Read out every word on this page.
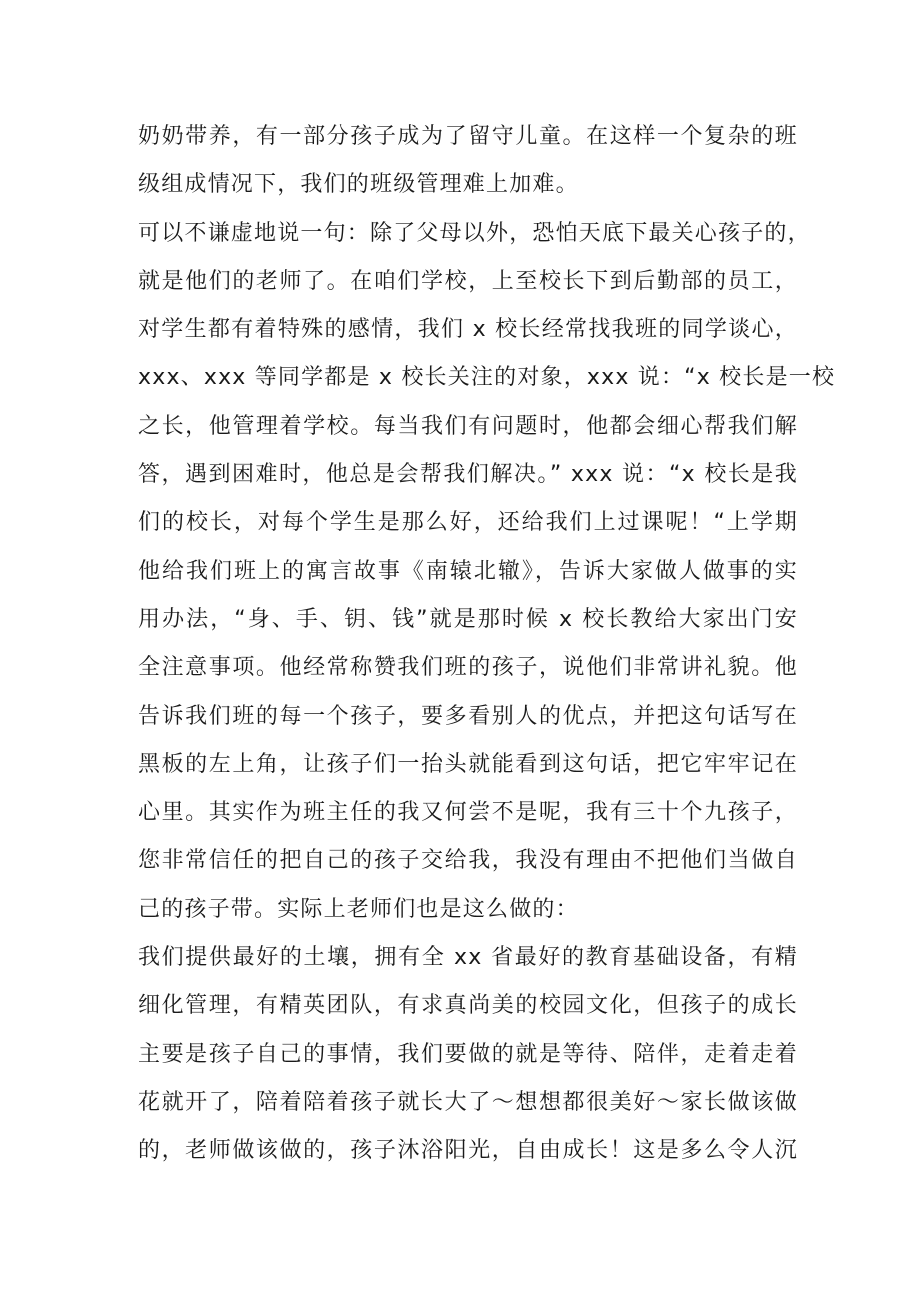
奶奶带养，有一部分孩子成为了留守儿童。在这样一个复杂的班
级组成情况下，我们的班级管理难上加难。
可以不谦虚地说一句：除了父母以外，恐怕天底下最关心孩子的，
就是他们的老师了。在咱们学校，上至校长下到后勤部的员工，
对学生都有着特殊的感情，我们 x 校长经常找我班的同学谈心，
xxx、xxx 等同学都是 x 校长关注的对象，xxx 说：“x 校长是一校
之长，他管理着学校。每当我们有问题时，他都会细心帮我们解
答，遇到困难时，他总是会帮我们解决。” xxx 说：“x 校长是我
们的校长，对每个学生是那么好，还给我们上过课呢！“上学期
他给我们班上的寓言故事《南辕北辙》，告诉大家做人做事的实
用办法，“身、手、钥、钱”就是那时候 x 校长教给大家出门安
全注意事项。他经常称赞我们班的孩子，说他们非常讲礼貌。他
告诉我们班的每一个孩子，要多看别人的优点，并把这句话写在
黑板的左上角，让孩子们一抬头就能看到这句话，把它牢牢记在
心里。其实作为班主任的我又何尝不是呢，我有三十个九孩子，
您非常信任的把自己的孩子交给我，我没有理由不把他们当做自
己的孩子带。实际上老师们也是这么做的：
我们提供最好的土壤，拥有全 xx 省最好的教育基础设备，有精
细化管理，有精英团队，有求真尚美的校园文化，但孩子的成长
主要是孩子自己的事情，我们要做的就是等待、陪伴，走着走着
花就开了，陪着陪着孩子就长大了～想想都很美好～家长做该做
的，老师做该做的，孩子沐浴阳光，自由成长！这是多么令人沉
